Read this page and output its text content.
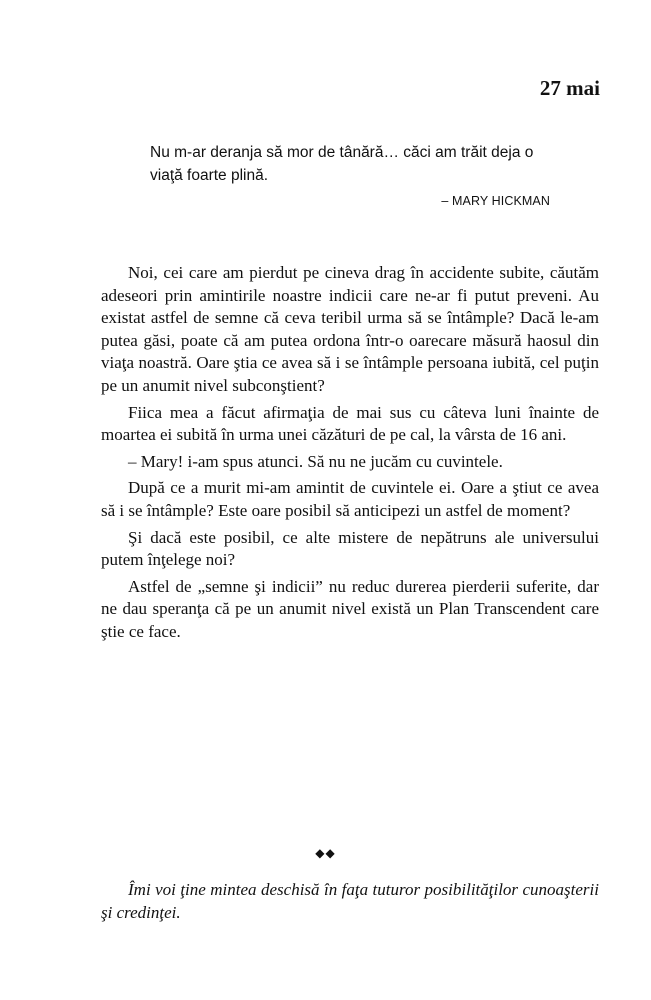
27 mai

Nu m-ar deranja să mor de tânără… căci am trăit deja o viaţă foarte plină.

– MARY HICKMAN

Noi, cei care am pierdut pe cineva drag în accidente subite, căutăm adeseori prin amintirile noastre indicii care ne-ar fi putut preveni. Au existat astfel de semne că ceva teribil urma să se întâmple? Dacă le-am putea găsi, poate că am putea ordona într-o oarecare măsură haosul din viaţa noastră. Oare ştia ce avea să i se întâmple persoana iubită, cel puţin pe un anumit nivel subconştient?

Fiica mea a făcut afirmaţia de mai sus cu câteva luni înainte de moartea ei subită în urma unei căzături de pe cal, la vârsta de 16 ani.

– Mary! i-am spus atunci. Să nu ne jucăm cu cuvintele.

După ce a murit mi-am amintit de cuvintele ei. Oare a ştiut ce avea să i se întâmple? Este oare posibil să anticipezi un astfel de moment?

Şi dacă este posibil, ce alte mistere de nepătruns ale universului putem înţelege noi?

Astfel de „semne şi indicii” nu reduc durerea pierderii suferite, dar ne dau speranţa că pe un anumit nivel există un Plan Transcendent care ştie ce face.

◆◆

Îmi voi ţine mintea deschisă în faţa tuturor posibilităţilor cunoaşterii şi credinţei.
